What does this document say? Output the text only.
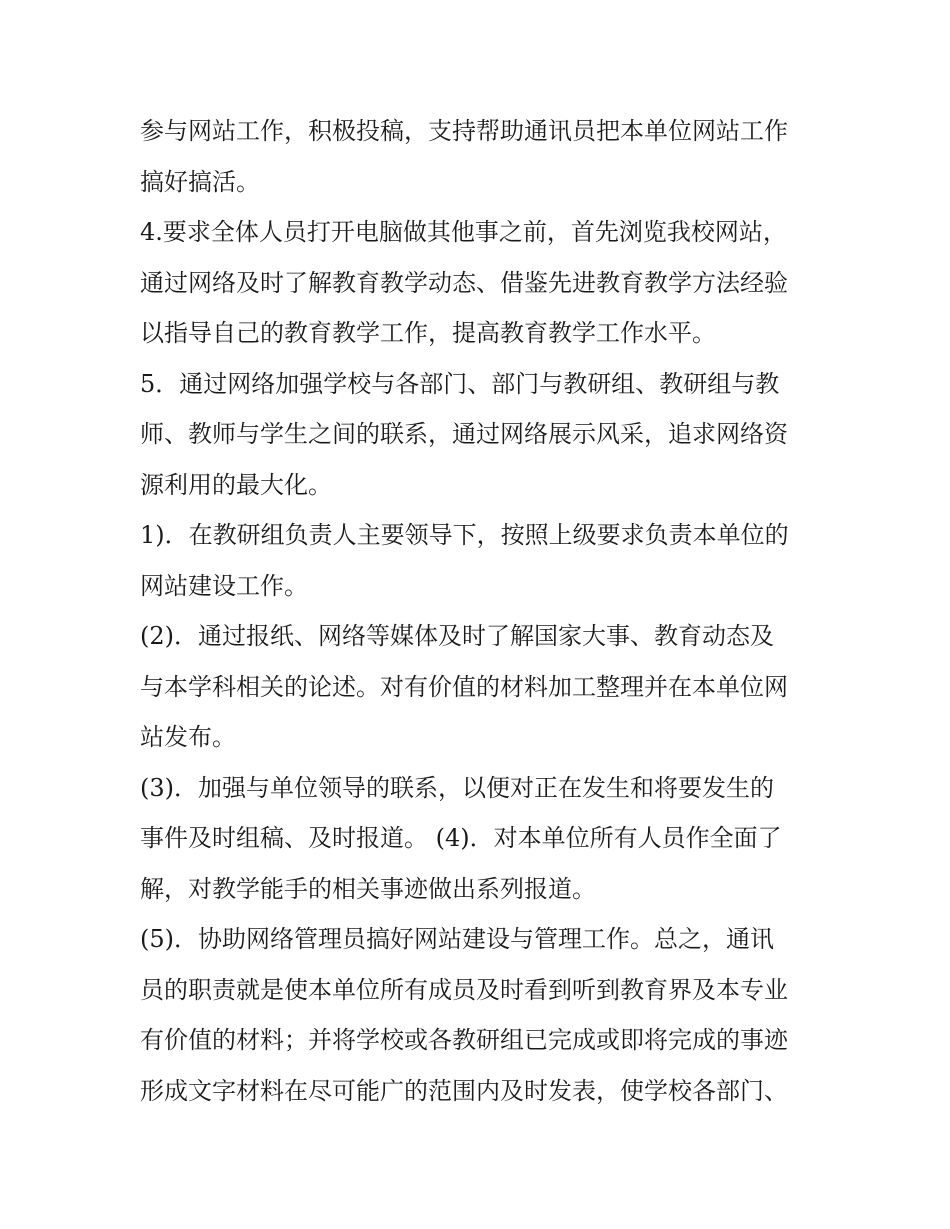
参与网站工作，积极投稿，支持帮助通讯员把本单位网站工作
搞好搞活。
4.要求全体人员打开电脑做其他事之前，首先浏览我校网站，
通过网络及时了解教育教学动态、借鉴先进教育教学方法经验
以指导自己的教育教学工作，提高教育教学工作水平。
5．通过网络加强学校与各部门、部门与教研组、教研组与教
师、教师与学生之间的联系，通过网络展示风采，追求网络资
源利用的最大化。
1)．在教研组负责人主要领导下，按照上级要求负责本单位的
网站建设工作。
(2)．通过报纸、网络等媒体及时了解国家大事、教育动态及
与本学科相关的论述。对有价值的材料加工整理并在本单位网
站发布。
(3)．加强与单位领导的联系，以便对正在发生和将要发生的
事件及时组稿、及时报道。 (4)．对本单位所有人员作全面了
解，对教学能手的相关事迹做出系列报道。
(5)．协助网络管理员搞好网站建设与管理工作。总之，通讯
员的职责就是使本单位所有成员及时看到听到教育界及本专业
有价值的材料；并将学校或各教研组已完成或即将完成的事迹
形成文字材料在尽可能广的范围内及时发表，使学校各部门、
